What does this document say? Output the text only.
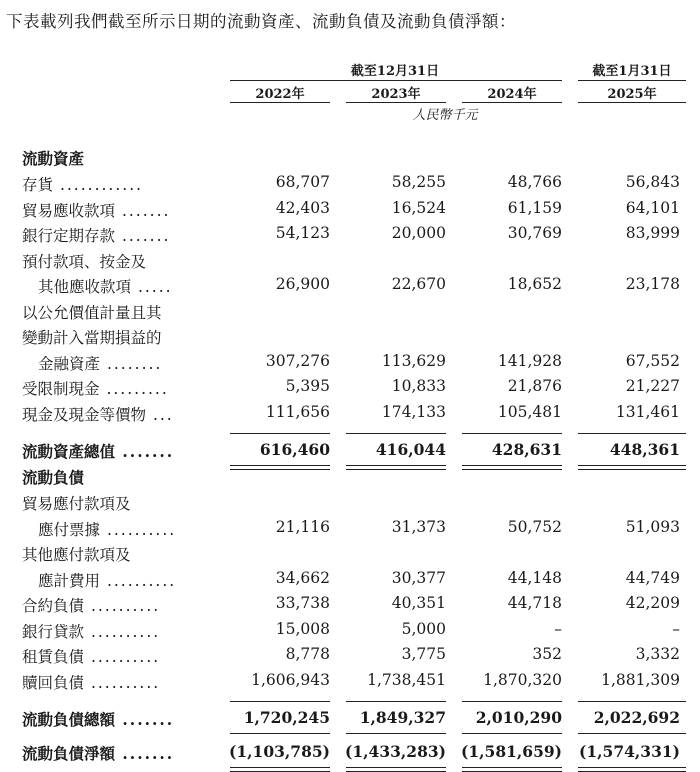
下表載列我們截至所示日期的流動資產、流動負債及流動負債淨額：
截至12月31日	截至1月31日
2022年	2023年	2024年	2025年
人民幣千元
流動資產
存貨 ............	68,707	58,255	48,766	56,843
貿易應收款項 .......	42,403	16,524	61,159	64,101
銀行定期存款 .......	54,123	20,000	30,769	83,999
預付款項、按金及
其他應收款項 .....	26,900	22,670	18,652	23,178
以公允價值計量且其
變動計入當期損益的
金融資產 ........	307,276	113,629	141,928	67,552
受限制現金 .........	5,395	10,833	21,876	21,227
現金及現金等價物 ...	111,656	174,133	105,481	131,461
流動資產總值 .......	616,460	416,044	428,631	448,361
流動負債
貿易應付款項及
應付票據 ..........	21,116	31,373	50,752	51,093
其他應付款項及
應計費用 ..........	34,662	30,377	44,148	44,749
合約負債 ..........	33,738	40,351	44,718	42,209
銀行貸款 ..........	15,008	5,000	–	–
租賃負債 ..........	8,778	3,775	352	3,332
贖回負債 ..........	1,606,943	1,738,451	1,870,320	1,881,309
流動負債總額 .......	1,720,245	1,849,327	2,010,290	2,022,692
流動負債淨額 .......	(1,103,785) (1,433,283) (1,581,659)	(1,574,331)
